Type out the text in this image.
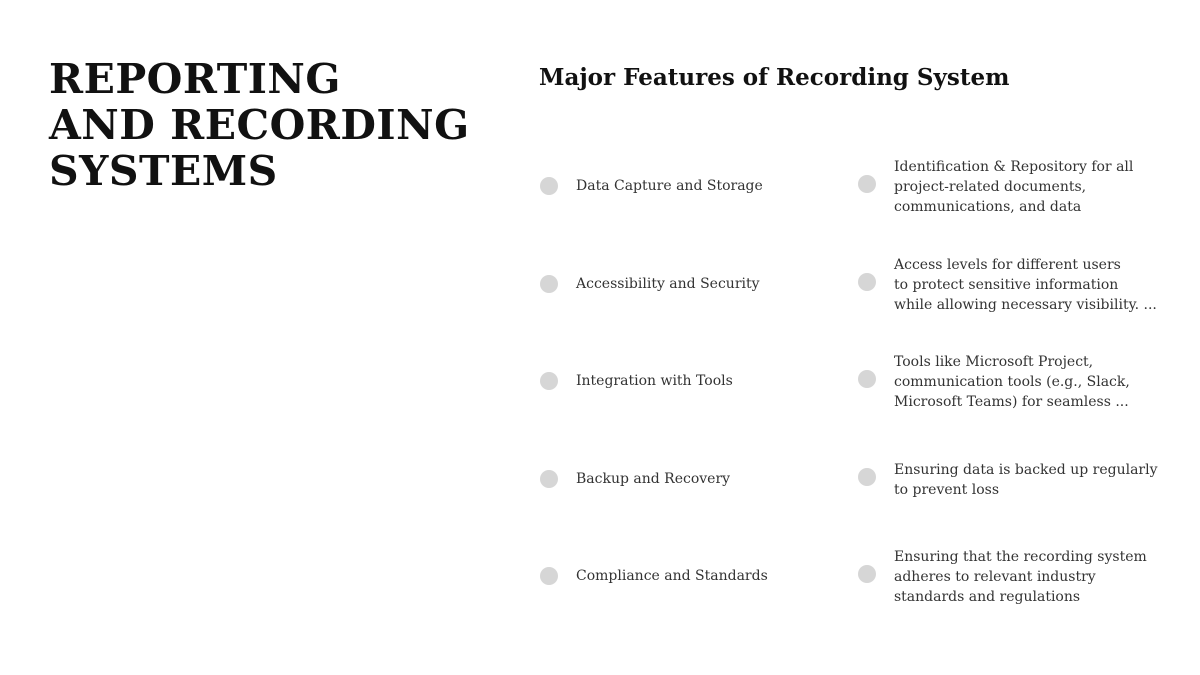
REPORTING
AND RECORDING
SYSTEMS
Major Features of Recording System
Data Capture and Storage
Identification & Repository for all
project-related documents,
communications, and data
Accessibility and Security
Access levels for different users
to protect sensitive information
while allowing necessary visibility. ...
Integration with Tools
Tools like Microsoft Project,
communication tools (e.g., Slack,
Microsoft Teams) for seamless ...
Backup and Recovery
Ensuring data is backed up regularly
to prevent loss
Compliance and Standards
Ensuring that the recording system
adheres to relevant industry
standards and regulations
